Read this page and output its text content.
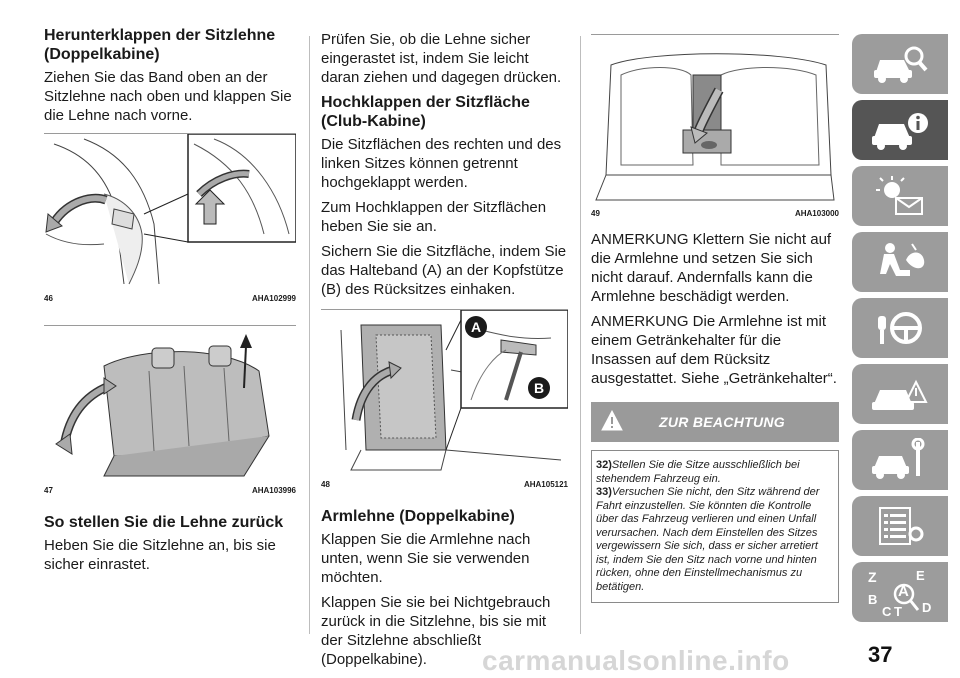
Herunterklappen der Sitzlehne (Doppelkabine)

Ziehen Sie das Band oben an der Sitzlehne nach oben und klappen Sie die Lehne nach vorne.

46	AHA102999
47	AHA103996
So stellen Sie die Lehne zurück

Heben Sie die Sitzlehne an, bis sie sicher einrastet.

Prüfen Sie, ob die Lehne sicher eingerastet ist, indem Sie leicht daran ziehen und dagegen drücken.

Hochklappen der Sitzfläche (Club-Kabine)

Die Sitzflächen des rechten und des linken Sitzes können getrennt hochgeklappt werden.

Zum Hochklappen der Sitzflächen heben Sie sie an.

Sichern Sie die Sitzfläche, indem Sie das Halteband (A) an der Kopfstütze (B) des Rücksitzes einhaken.

A
B
48	AHA105121
Armlehne (Doppelkabine)

Klappen Sie die Armlehne nach unten, wenn Sie sie verwenden möchten.

Klappen Sie sie bei Nichtgebrauch zurück in die Sitzlehne, bis sie mit der Sitzlehne abschließt (Doppelkabine).

49	AHA103000

ANMERKUNG Klettern Sie nicht auf die Armlehne und setzen Sie sich nicht darauf. Andernfalls kann die Armlehne beschädigt werden.

ANMERKUNG Die Armlehne ist mit einem Getränkehalter für die Insassen auf dem Rücksitz ausgestattet. Siehe „Getränkehalter“.

ZUR BEACHTUNG

32)Stellen Sie die Sitze ausschließlich bei stehendem Fahrzeug ein.

33)Versuchen Sie nicht, den Sitz während der Fahrt einzustellen. Sie könnten die Kontrolle über das Fahrzeug verlieren und einen Unfall verursachen. Nach dem Einstellen des Sitzes vergewissern Sie sich, dass er sicher arretiert ist, indem Sie den Sitz nach vorne und hinten rücken, ohne den Einstellmechanismus zu betätigen.

Z	E
A
B
C T D
37
carmanualsonline.info
